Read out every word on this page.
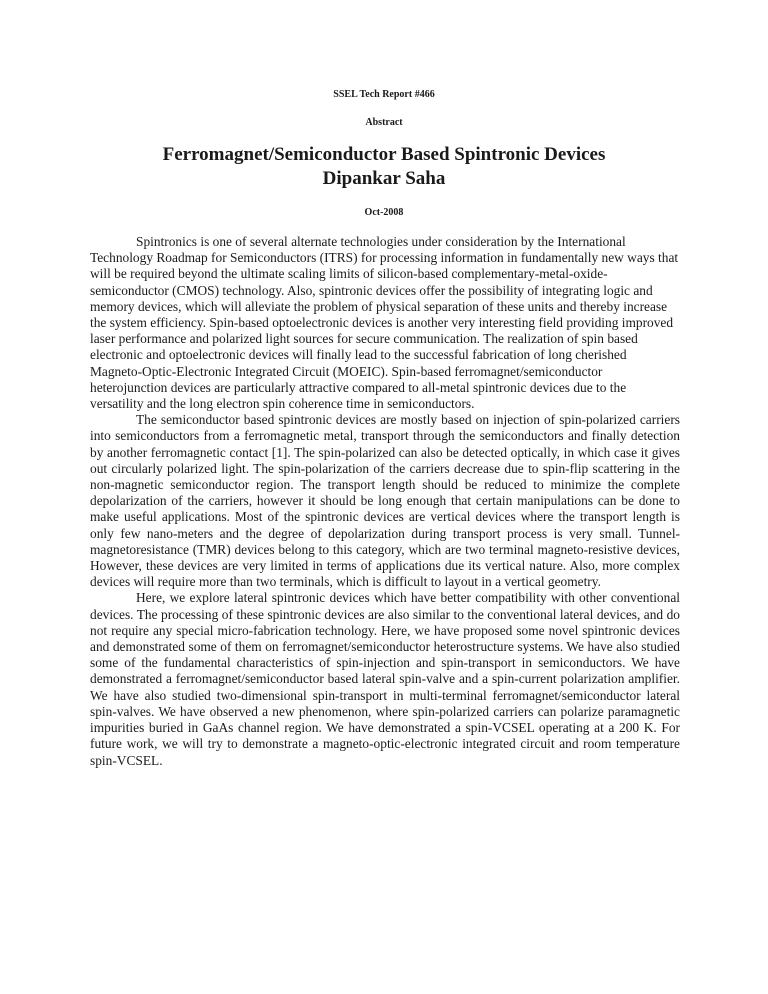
SSEL Tech Report #466
Abstract
Ferromagnet/Semiconductor Based Spintronic Devices
Dipankar Saha
Oct-2008

Spintronics is one of several alternate technologies under consideration by the International Technology Roadmap for Semiconductors (ITRS) for processing information in fundamentally new ways that will be required beyond the ultimate scaling limits of silicon-based complementary-metal-oxide-semiconductor (CMOS) technology. Also, spintronic devices offer the possibility of integrating logic and memory devices, which will alleviate the problem of physical separation of these units and thereby increase the system efficiency. Spin-based optoelectronic devices is another very interesting field providing improved laser performance and polarized light sources for secure communication. The realization of spin based electronic and optoelectronic devices will finally lead to the successful fabrication of long cherished Magneto-Optic-Electronic Integrated Circuit (MOEIC). Spin-based ferromagnet/semiconductor heterojunction devices are particularly attractive compared to all-metal spintronic devices due to the versatility and the long electron spin coherence time in semiconductors.

The semiconductor based spintronic devices are mostly based on injection of spin-polarized carriers into semiconductors from a ferromagnetic metal, transport through the semiconductors and finally detection by another ferromagnetic contact [1]. The spin-polarized can also be detected optically, in which case it gives out circularly polarized light. The spin-polarization of the carriers decrease due to spin-flip scattering in the non-magnetic semiconductor region. The transport length should be reduced to minimize the complete depolarization of the carriers, however it should be long enough that certain manipulations can be done to make useful applications. Most of the spintronic devices are vertical devices where the transport length is only few nano-meters and the degree of depolarization during transport process is very small. Tunnel-magnetoresistance (TMR) devices belong to this category, which are two terminal magneto-resistive devices, However, these devices are very limited in terms of applications due its vertical nature. Also, more complex devices will require more than two terminals, which is difficult to layout in a vertical geometry.

Here, we explore lateral spintronic devices which have better compatibility with other conventional devices. The processing of these spintronic devices are also similar to the conventional lateral devices, and do not require any special micro-fabrication technology. Here, we have proposed some novel spintronic devices and demonstrated some of them on ferromagnet/semiconductor heterostructure systems. We have also studied some of the fundamental characteristics of spin-injection and spin-transport in semiconductors. We have demonstrated a ferromagnet/semiconductor based lateral spin-valve and a spin-current polarization amplifier. We have also studied two-dimensional spin-transport in multi-terminal ferromagnet/semiconductor lateral spin-valves. We have observed a new phenomenon, where spin-polarized carriers can polarize paramagnetic impurities buried in GaAs channel region. We have demonstrated a spin-VCSEL operating at a 200 K. For future work, we will try to demonstrate a magneto-optic-electronic integrated circuit and room temperature spin-VCSEL.
